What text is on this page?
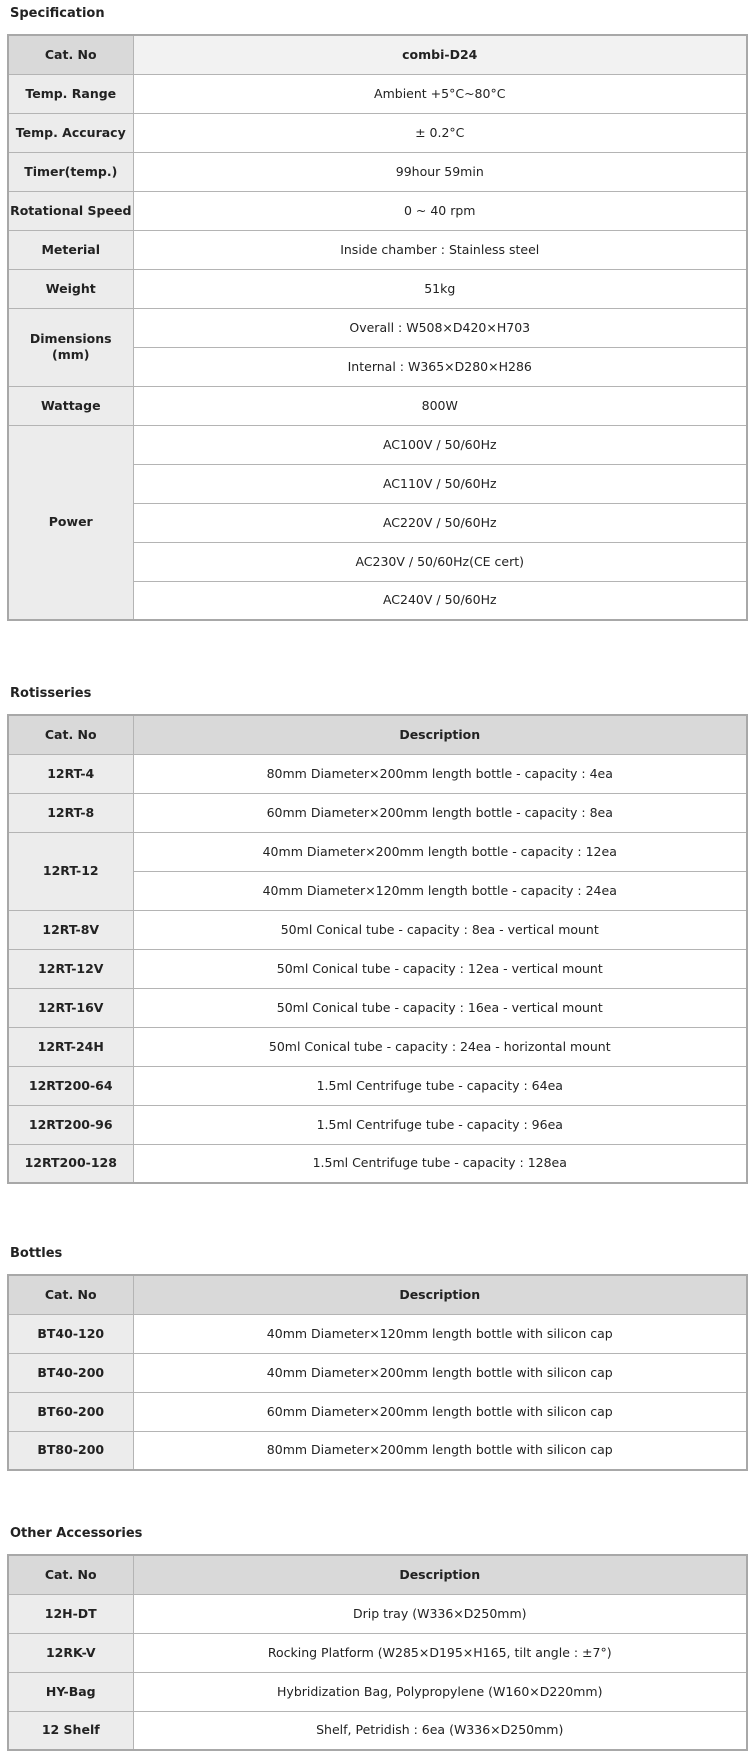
Specification
Cat. No	combi-D24
Temp. Range	Ambient +5°C~80°C
Temp. Accuracy	± 0.2°C
Timer(temp.)	99hour 59min
Rotational Speed	0 ~ 40 rpm
Meterial	Inside chamber : Stainless steel
Weight	51kg
Dimensions (mm)	Overall : W508×D420×H703
	Internal : W365×D280×H286
Wattage	800W
Power	AC100V / 50/60Hz
	AC110V / 50/60Hz
	AC220V / 50/60Hz
	AC230V / 50/60Hz(CE cert)
	AC240V / 50/60Hz
Rotisseries
Cat. No	Description
12RT-4	80mm Diameter×200mm length bottle - capacity : 4ea
12RT-8	60mm Diameter×200mm length bottle - capacity : 8ea
12RT-12	40mm Diameter×200mm length bottle - capacity : 12ea
	40mm Diameter×120mm length bottle - capacity : 24ea
12RT-8V	50ml Conical tube - capacity : 8ea - vertical mount
12RT-12V	50ml Conical tube - capacity : 12ea - vertical mount
12RT-16V	50ml Conical tube - capacity : 16ea - vertical mount
12RT-24H	50ml Conical tube - capacity : 24ea - horizontal mount
12RT200-64	1.5ml Centrifuge tube - capacity : 64ea
12RT200-96	1.5ml Centrifuge tube - capacity : 96ea
12RT200-128	1.5ml Centrifuge tube - capacity : 128ea
Bottles
Cat. No	Description
BT40-120	40mm Diameter×120mm length bottle with silicon cap
BT40-200	40mm Diameter×200mm length bottle with silicon cap
BT60-200	60mm Diameter×200mm length bottle with silicon cap
BT80-200	80mm Diameter×200mm length bottle with silicon cap
Other Accessories
Cat. No	Description
12H-DT	Drip tray (W336×D250mm)
12RK-V	Rocking Platform (W285×D195×H165, tilt angle : ±7°)
HY-Bag	Hybridization Bag, Polypropylene (W160×D220mm)
12 Shelf	Shelf, Petridish : 6ea (W336×D250mm)
